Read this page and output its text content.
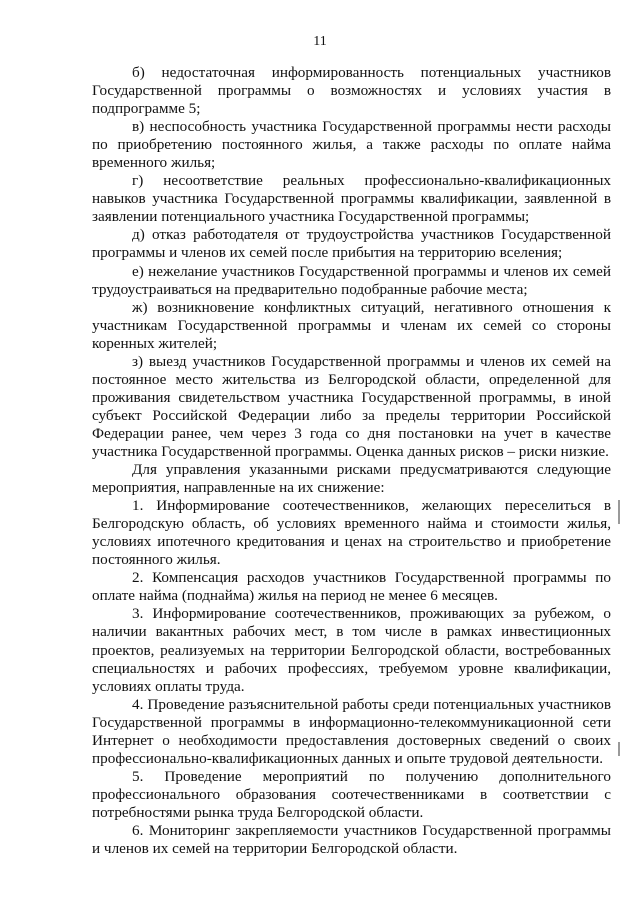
11

б) недостаточная информированность потенциальных участников Государственной программы о возможностях и условиях участия в подпрограмме 5;

в) неспособность участника Государственной программы нести расходы по приобретению постоянного жилья, а также расходы по оплате найма временного жилья;

г) несоответствие реальных профессионально-квалификационных навыков участника Государственной программы квалификации, заявленной в заявлении потенциального участника Государственной программы;

д) отказ работодателя от трудоустройства участников Государственной программы и членов их семей после прибытия на территорию вселения;

е) нежелание участников Государственной программы и членов их семей трудоустраиваться на предварительно подобранные рабочие места;

ж) возникновение конфликтных ситуаций, негативного отношения к участникам Государственной программы и членам их семей со стороны коренных жителей;

з) выезд участников Государственной программы и членов их семей на постоянное место жительства из Белгородской области, определенной для проживания свидетельством участника Государственной программы, в иной субъект Российской Федерации либо за пределы территории Российской Федерации ранее, чем через 3 года со дня постановки на учет в качестве участника Государственной программы. Оценка данных рисков – риски низкие.

Для управления указанными рисками предусматриваются следующие мероприятия, направленные на их снижение:

1. Информирование соотечественников, желающих переселиться в Белгородскую область, об условиях временного найма и стоимости жилья, условиях ипотечного кредитования и ценах на строительство и приобретение постоянного жилья.

2. Компенсация расходов участников Государственной программы по оплате найма (поднайма) жилья на период не менее 6 месяцев.

3. Информирование соотечественников, проживающих за рубежом, о наличии вакантных рабочих мест, в том числе в рамках инвестиционных проектов, реализуемых на территории Белгородской области, востребованных специальностях и рабочих профессиях, требуемом уровне квалификации, условиях оплаты труда.

4. Проведение разъяснительной работы среди потенциальных участников Государственной программы в информационно-телекоммуникационной сети Интернет о необходимости предоставления достоверных сведений о своих профессионально-квалификационных данных и опыте трудовой деятельности.

5. Проведение мероприятий по получению дополнительного профессионального образования соотечественниками в соответствии с потребностями рынка труда Белгородской области.

6. Мониторинг закрепляемости участников Государственной программы и членов их семей на территории Белгородской области.
